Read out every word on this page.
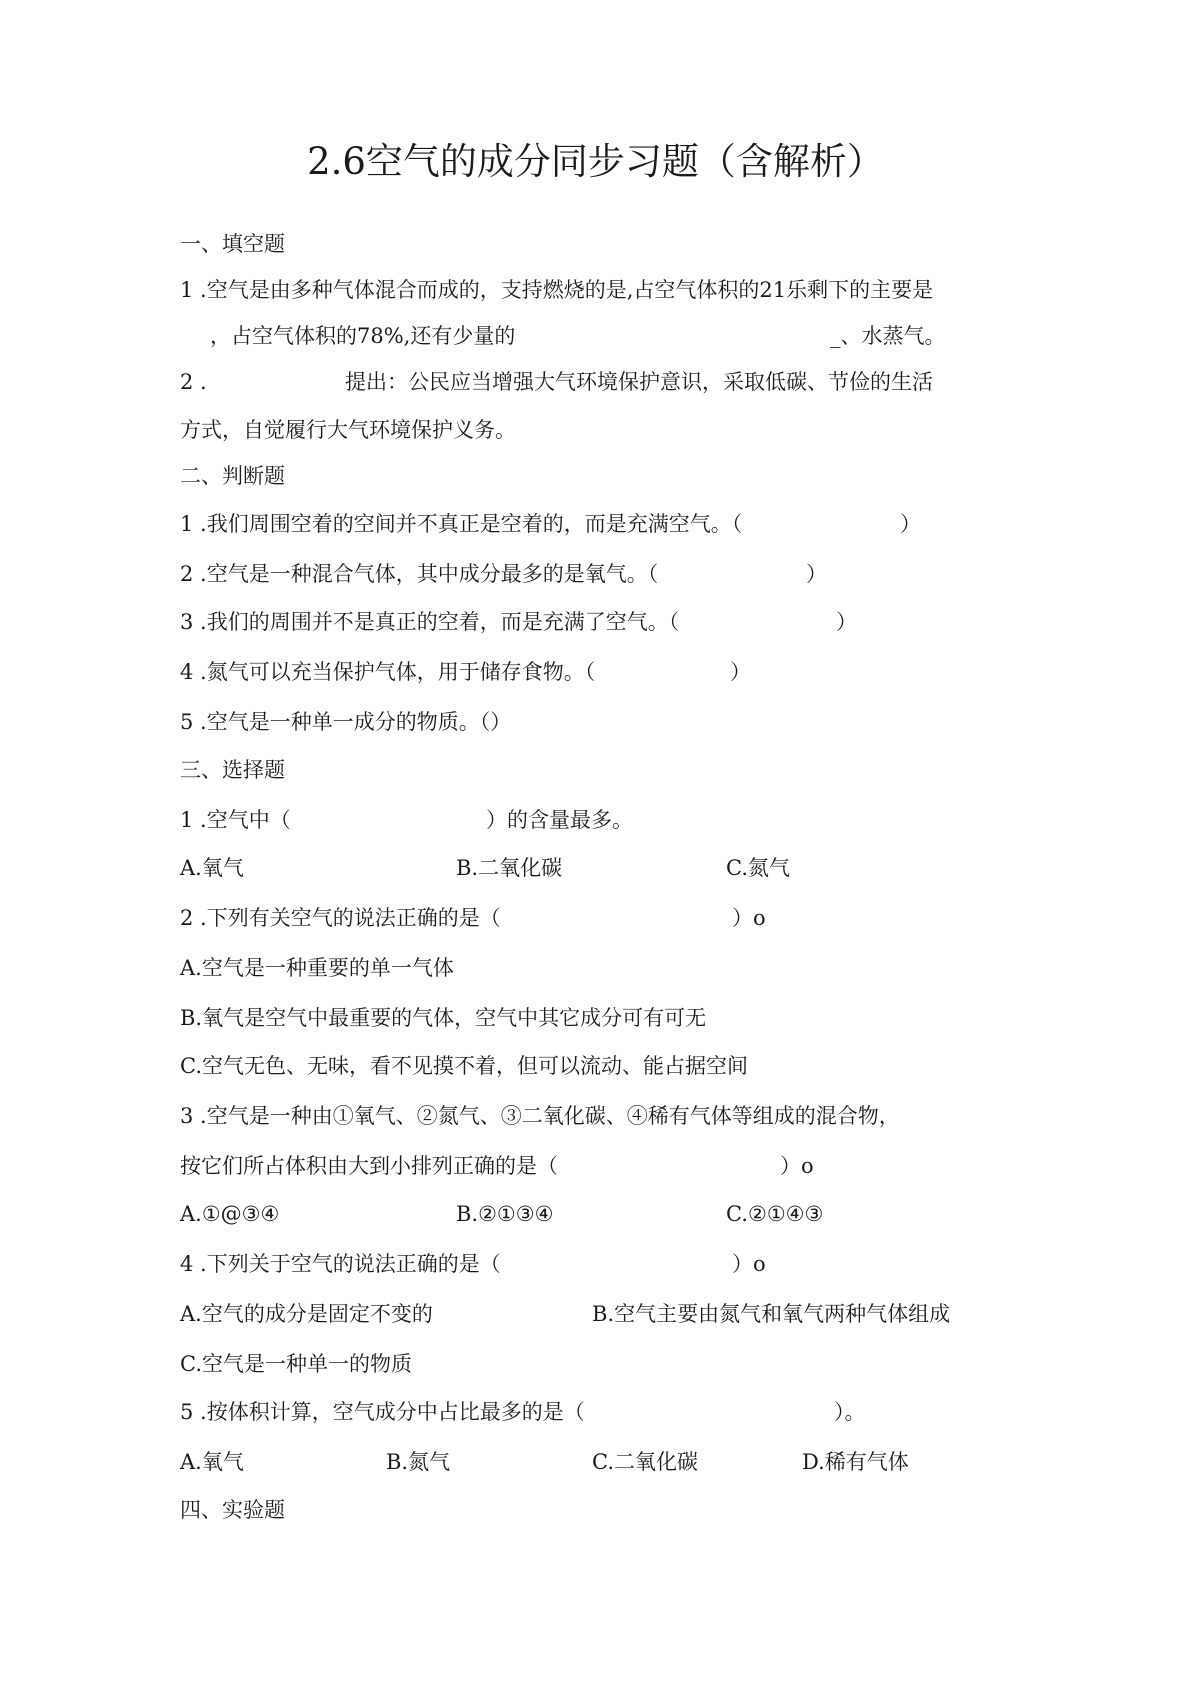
2.6空气的成分同步习题（含解析）
一、填空题
1 .空气是由多种气体混合而成的，支持燃烧的是,占空气体积的21乐剩下的主要是
，占空气体积的78%,还有少量的	_、水蒸气。
2 .	提出：公民应当增强大气环境保护意识，采取低碳、节俭的生活
方式，自觉履行大气环境保护义务。
二、判断题
1 .我们周围空着的空间并不真正是空着的，而是充满空气。（	）
2 .空气是一种混合气体，其中成分最多的是氧气。（	）
3 .我们的周围并不是真正的空着，而是充满了空气。（	）
4 .氮气可以充当保护气体，用于储存食物。（	）
5 .空气是一种单一成分的物质。（）
三、选择题
1 .空气中（	）的含量最多。
A.氧气	B.二氧化碳	C.氮气
2 .下列有关空气的说法正确的是（	）o
A.空气是一种重要的单一气体
B.氧气是空气中最重要的气体，空气中其它成分可有可无
C.空气无色、无味，看不见摸不着，但可以流动、能占据空间
3 .空气是一种由①氧气、②氮气、③二氧化碳、④稀有气体等组成的混合物，
按它们所占体积由大到小排列正确的是（	）o
A.①@③④	B.②①③④	C.②①④③
4 .下列关于空气的说法正确的是（	）o
A.空气的成分是固定不变的	B.空气主要由氮气和氧气两种气体组成
C.空气是一种单一的物质
5 .按体积计算，空气成分中占比最多的是（	）。
A.氧气	B.氮气	C.二氧化碳	D.稀有气体
四、实验题
